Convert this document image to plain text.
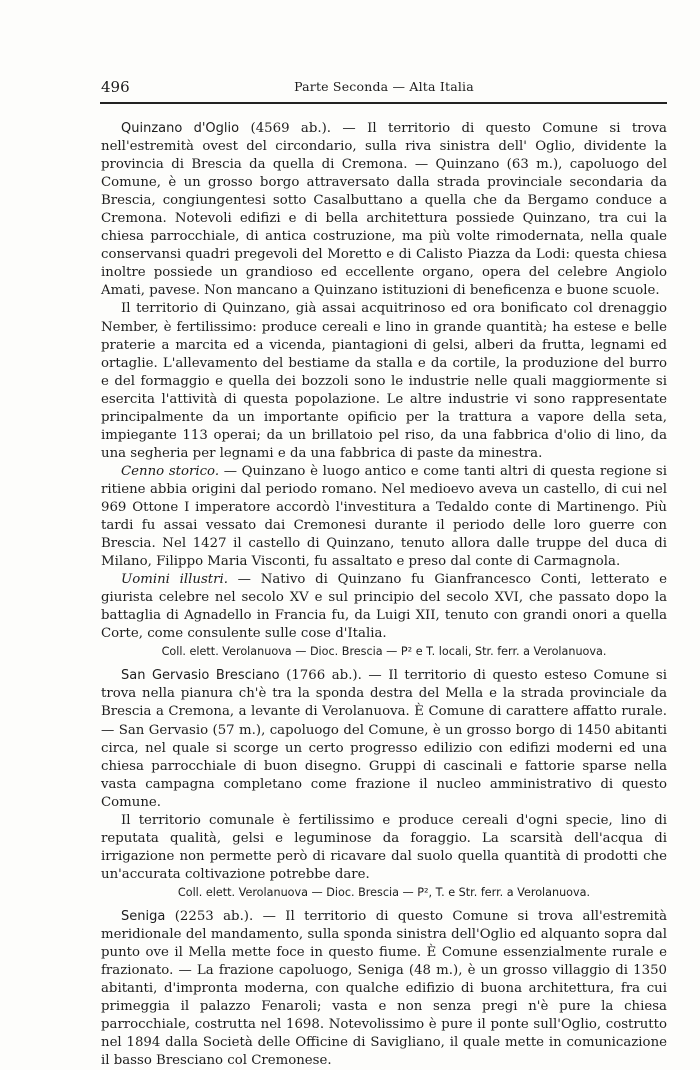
496	Parte Seconda — Alta Italia

Quinzano d'Oglio (4569 ab.). — Il territorio di questo Comune si trova nell'estremità ovest del circondario, sulla riva sinistra dell' Oglio, dividente la provincia di Brescia da quella di Cremona. — Quinzano (63 m.), capoluogo del Comune, è un grosso borgo attraversato dalla strada provinciale secondaria da Brescia, congiungentesi sotto Casalbuttano a quella che da Bergamo conduce a Cremona. Notevoli edifizi e di bella architettura possiede Quinzano, tra cui la chiesa parrocchiale, di antica costruzione, ma più volte rimodernata, nella quale conservansi quadri pregevoli del Moretto e di Calisto Piazza da Lodi: questa chiesa inoltre possiede un grandioso ed eccellente organo, opera del celebre Angiolo Amati, pavese. Non mancano a Quinzano istituzioni di beneficenza e buone scuole.

Il territorio di Quinzano, già assai acquitrinoso ed ora bonificato col drenaggio Nember, è fertilissimo: produce cereali e lino in grande quantità; ha estese e belle praterie a marcita ed a vicenda, piantagioni di gelsi, alberi da frutta, legnami ed ortaglie. L'allevamento del bestiame da stalla e da cortile, la produzione del burro e del formaggio e quella dei bozzoli sono le industrie nelle quali maggiormente si esercita l'attività di questa popolazione. Le altre industrie vi sono rappresentate principalmente da un importante opificio per la trattura a vapore della seta, impiegante 113 operai; da un brillatoio pel riso, da una fabbrica d'olio di lino, da una segheria per legnami e da una fabbrica di paste da minestra.

Cenno storico. — Quinzano è luogo antico e come tanti altri di questa regione si ritiene abbia origini dal periodo romano. Nel medioevo aveva un castello, di cui nel 969 Ottone I imperatore accordò l'investitura a Tedaldo conte di Martinengo. Più tardi fu assai vessato dai Cremonesi durante il periodo delle loro guerre con Brescia. Nel 1427 il castello di Quinzano, tenuto allora dalle truppe del duca di Milano, Filippo Maria Visconti, fu assaltato e preso dal conte di Carmagnola.

Uomini illustri. — Nativo di Quinzano fu Gianfrancesco Conti, letterato e giurista celebre nel secolo XV e sul principio del secolo XVI, che passato dopo la battaglia di Agnadello in Francia fu, da Luigi XII, tenuto con grandi onori a quella Corte, come consulente sulle cose d'Italia.

Coll. elett. Verolanuova — Dioc. Brescia — P² e T. locali, Str. ferr. a Verolanuova.

San Gervasio Bresciano (1766 ab.). — Il territorio di questo esteso Comune si trova nella pianura ch'è tra la sponda destra del Mella e la strada provinciale da Brescia a Cremona, a levante di Verolanuova. È Comune di carattere affatto rurale. — San Gervasio (57 m.), capoluogo del Comune, è un grosso borgo di 1450 abitanti circa, nel quale si scorge un certo progresso edilizio con edifizi moderni ed una chiesa parrocchiale di buon disegno. Gruppi di cascinali e fattorie sparse nella vasta campagna completano come frazione il nucleo amministrativo di questo Comune.

Il territorio comunale è fertilissimo e produce cereali d'ogni specie, lino di reputata qualità, gelsi e leguminose da foraggio. La scarsità dell'acqua di irrigazione non permette però di ricavare dal suolo quella quantità di prodotti che un'accurata coltivazione potrebbe dare.

Coll. elett. Verolanuova — Dioc. Brescia — P², T. e Str. ferr. a Verolanuova.

Seniga (2253 ab.). — Il territorio di questo Comune si trova all'estremità meridionale del mandamento, sulla sponda sinistra dell'Oglio ed alquanto sopra dal punto ove il Mella mette foce in questo fiume. È Comune essenzialmente rurale e frazionato. — La frazione capoluogo, Seniga (48 m.), è un grosso villaggio di 1350 abitanti, d'impronta moderna, con qualche edifizio di buona architettura, fra cui primeggia il palazzo Fenaroli; vasta e non senza pregi n'è pure la chiesa parrocchiale, costrutta nel 1698. Notevolissimo è pure il ponte sull'Oglio, costrutto nel 1894 dalla Società delle Officine di Savigliano, il quale mette in comunicazione il basso Bresciano col Cremonese.
